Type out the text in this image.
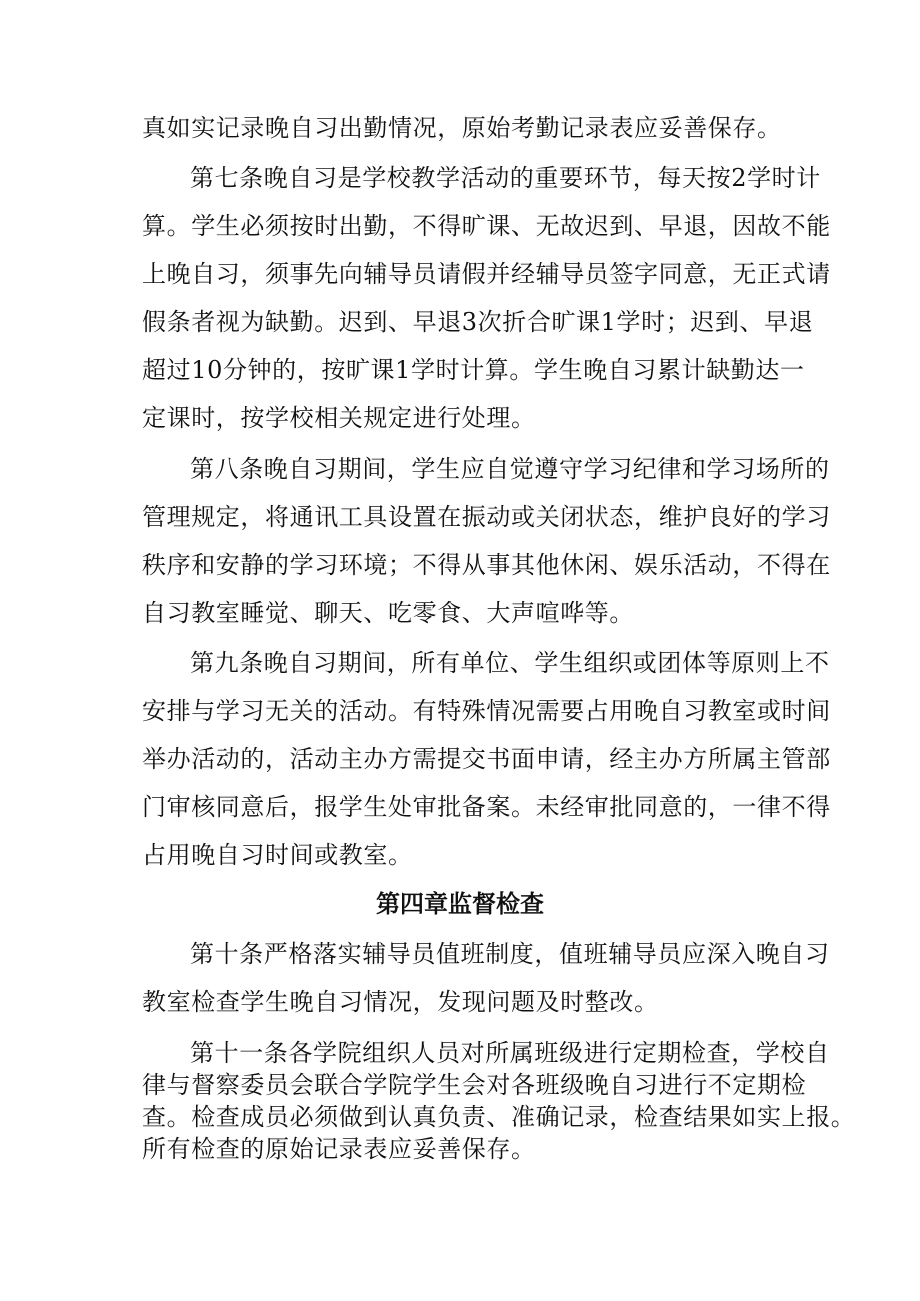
真如实记录晚自习出勤情况，原始考勤记录表应妥善保存。
第七条晚自习是学校教学活动的重要环节，每天按2学时计
算。学生必须按时出勤，不得旷课、无故迟到、早退，因故不能
上晚自习，须事先向辅导员请假并经辅导员签字同意，无正式请
假条者视为缺勤。迟到、早退3次折合旷课1学时；迟到、早退
超过10分钟的，按旷课1学时计算。学生晚自习累计缺勤达一
定课时，按学校相关规定进行处理。
第八条晚自习期间，学生应自觉遵守学习纪律和学习场所的
管理规定，将通讯工具设置在振动或关闭状态，维护良好的学习
秩序和安静的学习环境；不得从事其他休闲、娱乐活动，不得在
自习教室睡觉、聊天、吃零食、大声喧哗等。
第九条晚自习期间，所有单位、学生组织或团体等原则上不
安排与学习无关的活动。有特殊情况需要占用晚自习教室或时间
举办活动的，活动主办方需提交书面申请，经主办方所属主管部
门审核同意后，报学生处审批备案。未经审批同意的，一律不得
占用晚自习时间或教室。
第四章监督检查
第十条严格落实辅导员值班制度，值班辅导员应深入晚自习
教室检查学生晚自习情况，发现问题及时整改。
第十一条各学院组织人员对所属班级进行定期检查，学校自
律与督察委员会联合学院学生会对各班级晚自习进行不定期检
查。检查成员必须做到认真负责、准确记录，检查结果如实上报。
所有检查的原始记录表应妥善保存。
